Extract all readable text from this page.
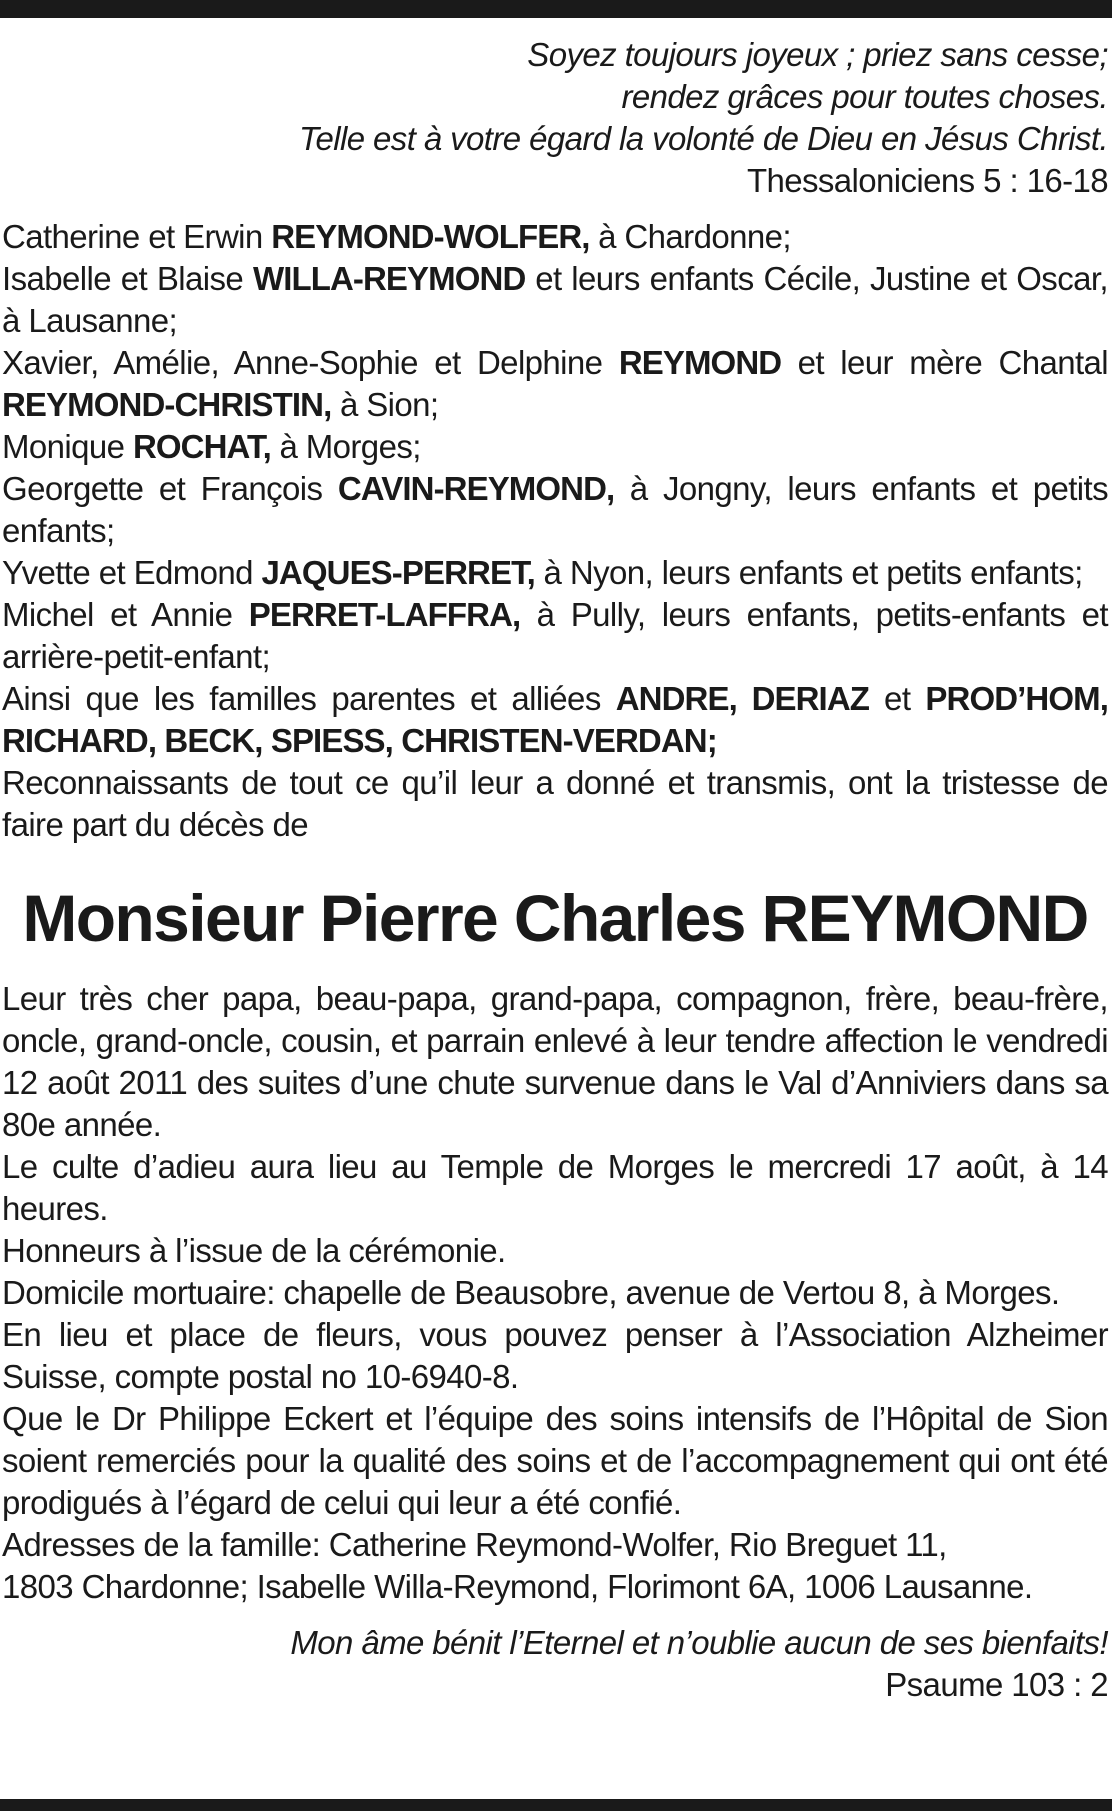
Soyez toujours joyeux ; priez sans cesse;
rendez grâces pour toutes choses.
Telle est à votre égard la volonté de Dieu en Jésus Christ.
Thessaloniciens 5 : 16-18

Catherine et Erwin REYMOND-WOLFER, à Chardonne;

Isabelle et Blaise WILLA-REYMOND et leurs enfants Cécile, Justine et Oscar, à Lausanne;

Xavier, Amélie, Anne-Sophie et Delphine REYMOND et leur mère Chantal REYMOND-CHRISTIN, à Sion;

Monique ROCHAT, à Morges;

Georgette et François CAVIN-REYMOND, à Jongny, leurs enfants et petits enfants;

Yvette et Edmond JAQUES-PERRET, à Nyon, leurs enfants et petits enfants;

Michel et Annie PERRET-LAFFRA, à Pully, leurs enfants, petits-enfants et arrière-petit-enfant;

Ainsi que les familles parentes et alliées ANDRE, DERIAZ et PROD’HOM, RICHARD, BECK, SPIESS, CHRISTEN-VERDAN;

Reconnaissants de tout ce qu’il leur a donné et transmis, ont la tristesse de faire part du décès de

Monsieur Pierre Charles REYMOND

Leur très cher papa, beau-papa, grand-papa, compagnon, frère, beau-frère, oncle, grand-oncle, cousin, et parrain enlevé à leur tendre affection le vendredi 12 août 2011 des suites d’une chute survenue dans le Val d’Anniviers dans sa 80e année.

Le culte d’adieu aura lieu au Temple de Morges le mercredi 17 août, à 14 heures.

Honneurs à l’issue de la cérémonie.

Domicile mortuaire: chapelle de Beausobre, avenue de Vertou 8, à Morges.

En lieu et place de fleurs, vous pouvez penser à l’Association Alzheimer Suisse, compte postal no 10-6940-8.

Que le Dr Philippe Eckert et l’équipe des soins intensifs de l’Hôpital de Sion soient remerciés pour la qualité des soins et de l’accompagnement qui ont été prodigués à l’égard de celui qui leur a été confié.

Adresses de la famille: Catherine Reymond-Wolfer, Rio Breguet 11,
1803 Chardonne; Isabelle Willa-Reymond, Florimont 6A, 1006 Lausanne.

Mon âme bénit l’Eternel et n’oublie aucun de ses bienfaits!
Psaume 103 : 2
